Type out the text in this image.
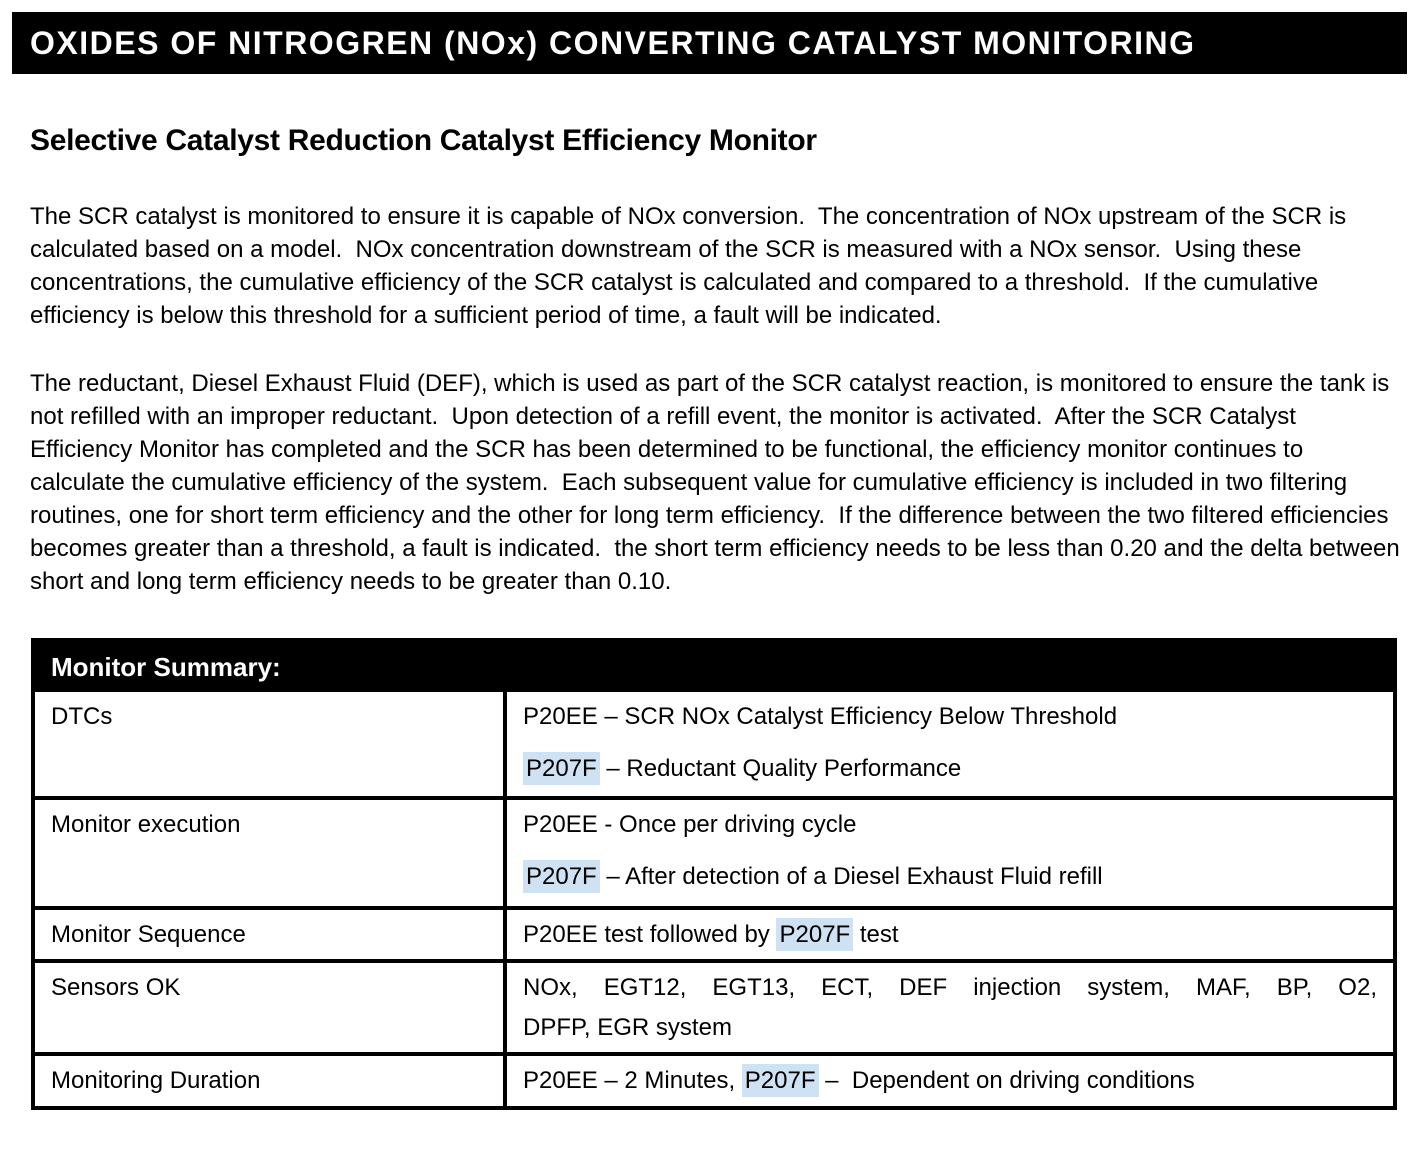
OXIDES OF NITROGREN (NOx) CONVERTING CATALYST MONITORING
Selective Catalyst Reduction Catalyst Efficiency Monitor
The SCR catalyst is monitored to ensure it is capable of NOx conversion.  The concentration of NOx upstream of the SCR is calculated based on a model.  NOx concentration downstream of the SCR is measured with a NOx sensor.  Using these concentrations, the cumulative efficiency of the SCR catalyst is calculated and compared to a threshold.  If the cumulative efficiency is below this threshold for a sufficient period of time, a fault will be indicated.
The reductant, Diesel Exhaust Fluid (DEF), which is used as part of the SCR catalyst reaction, is monitored to ensure the tank is not refilled with an improper reductant.  Upon detection of a refill event, the monitor is activated.  After the SCR Catalyst Efficiency Monitor has completed and the SCR has been determined to be functional, the efficiency monitor continues to calculate the cumulative efficiency of the system.  Each subsequent value for cumulative efficiency is included in two filtering routines, one for short term efficiency and the other for long term efficiency.  If the difference between the two filtered efficiencies becomes greater than a threshold, a fault is indicated.  the short term efficiency needs to be less than 0.20 and the delta between short and long term efficiency needs to be greater than 0.10.
Monitor Summary:
DTCs	P20EE – SCR NOx Catalyst Efficiency Below Threshold
P207F – Reductant Quality Performance
Monitor execution	P20EE - Once per driving cycle
P207F – After detection of a Diesel Exhaust Fluid refill
Monitor Sequence	P20EE test followed by P207F test
Sensors OK	NOx, EGT12, EGT13, ECT, DEF injection system, MAF, BP, O2,
DPFP, EGR system
Monitoring Duration	P20EE – 2 Minutes, P207F –  Dependent on driving conditions
